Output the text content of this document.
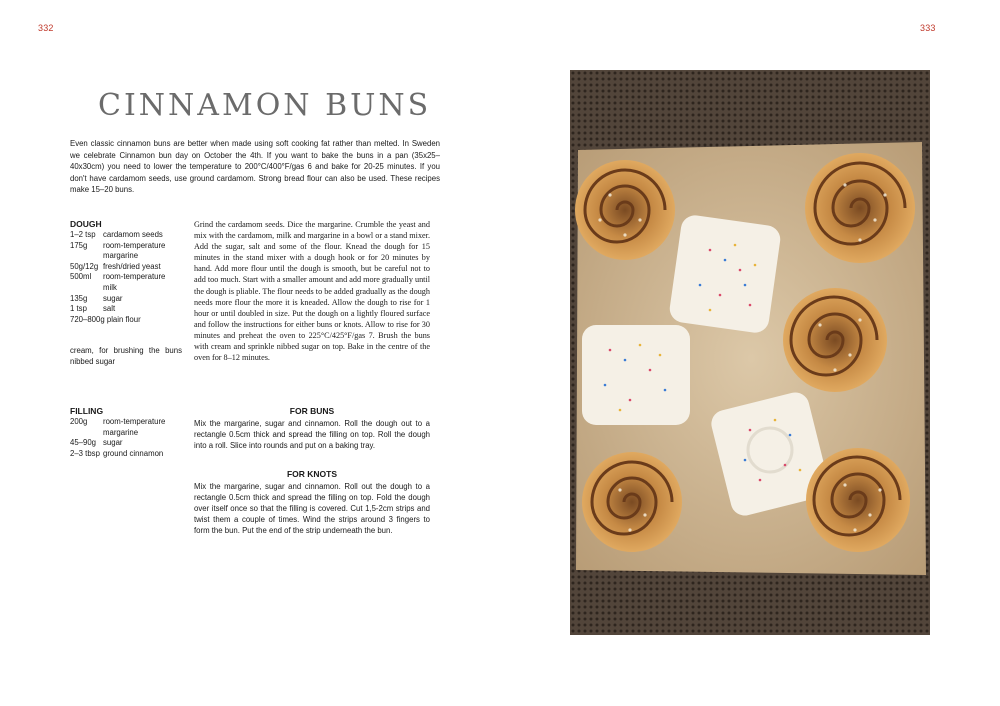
332	333
CINNAMON BUNS

Even classic cinnamon buns are better when made using soft cooking fat rather than melted. In Sweden we celebrate Cinnamon bun day on October the 4th. If you want to bake the buns in a pan (35x25–40x30cm) you need to lower the temperature to 200°C/400°F/gas 6 and bake for 20-25 minutes. If you don't have cardamom seeds, use ground cardamom. Strong bread flour can also be used. These recipes make 15–20 buns.

DOUGH
1–2 tsp cardamom seeds
175g	room-temperature margarine
50g/12g fresh/dried yeast
500ml	room-temperature milk
135g	sugar
1 tsp	salt
720–800g plain flour
cream, for brushing the buns
nibbed sugar

Grind the cardamom seeds. Dice the margarine. Crumble the yeast and mix with the cardamom, milk and margarine in a bowl or a stand mixer. Add the sugar, salt and some of the flour. Knead the dough for 15 minutes in the stand mixer with a dough hook or for 20 minutes by hand. Add more flour until the dough is smooth, but be careful not to add too much. Start with a smaller amount and add more gradually until the dough is pliable. The flour needs to be added gradually as the dough needs more flour the more it is kneaded. Allow the dough to rise for 1 hour or until doubled in size. Put the dough on a lightly floured surface and follow the instructions for either buns or knots. Allow to rise for 30 minutes and preheat the oven to 225°C/425°F/gas 7. Brush the buns with cream and sprinkle nibbed sugar on top. Bake in the centre of the oven for 8–12 minutes.

FILLING
200g	room-temperature margarine
45–90g sugar
2–3 tbsp ground cinnamon
FOR BUNS

Mix the margarine, sugar and cinnamon. Roll the dough out to a rectangle 0.5cm thick and spread the filling on top. Roll the dough into a roll. Slice into rounds and put on a baking tray.

FOR KNOTS

Mix the margarine, sugar and cinnamon. Roll out the dough to a rectangle 0.5cm thick and spread the filling on top. Fold the dough over itself once so that the filling is covered. Cut 1,5-2cm strips and twist them a couple of times. Wind the strips around 3 fingers to form the bun. Put the end of the strip underneath the bun.
